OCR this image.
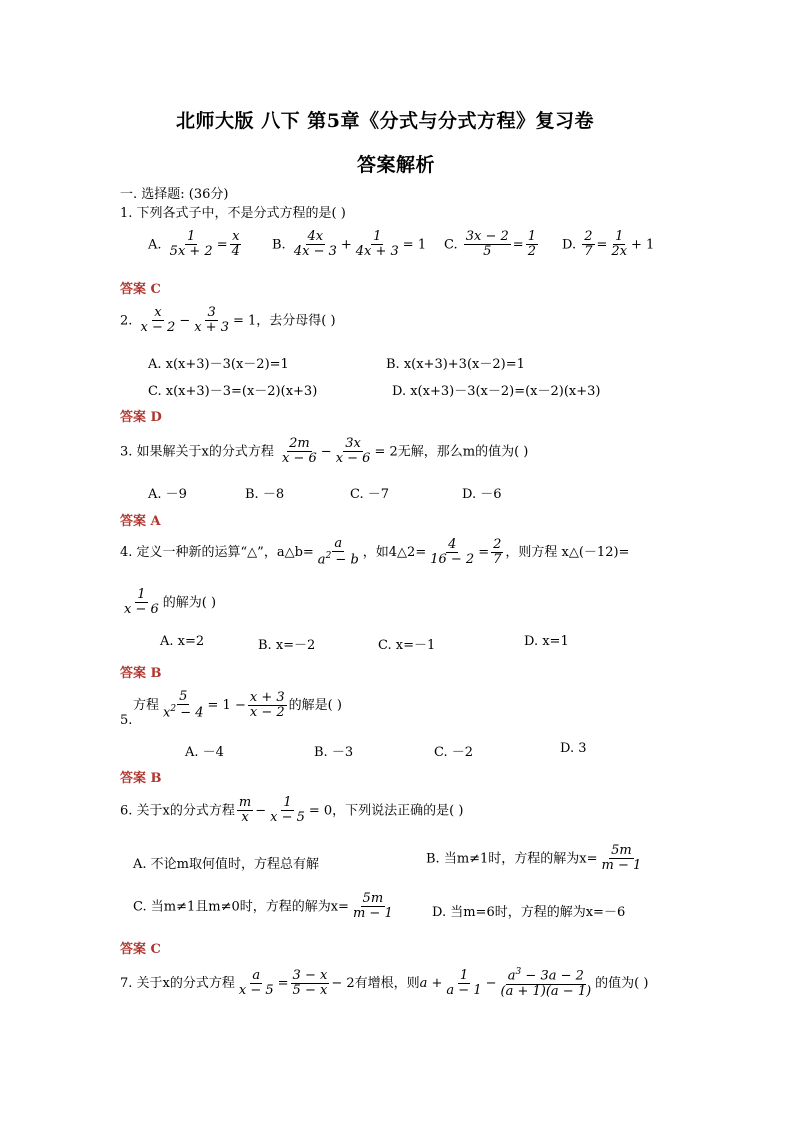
北师大版 八下 第5章《分式与分式方程》复习卷
答案解析
一. 选择题: (36分)
1. 下列各式子中，不是分式方程的是( )
A. $\frac{1}{5x + 2} = \frac{x}{4} B$. $\frac{4x}{4x - 3} + \frac{1}{4x + 3} = 1$ C. $\frac{3x - 2}{5} = \frac{1}{2} D$. $\frac{2}{7} = \frac{1}{2x} + 1$
答案 C
2. $\frac{x}{x - 2} - \frac{3}{x + 3} = 1$，去分母得( )
A. x(x+3)－3(x－2)=1	B. x(x+3)+3(x－2)=1
C. x(x+3)－3=(x－2)(x+3)	D. x(x+3)－3(x－2)=(x－2)(x+3)
答案 D
3. 如果解关于x的分式方程 $\frac{2m}{x - 6} - \frac{3x}{x - 6} = 2$无解，那么m的值为( )
A. －9	B. －8	C. －7	D. －6
答案 A
4. 定义一种新的运算“△”，a△b= $\frac{a}{a^2 - b}$ ，如4△2= $\frac{4}{16 - 2} = \frac{2}{7}$ ，则方程 x△(－12)=
$\frac{1}{x - 6}$ 的解为( )
A. x=2	B. x=－2	C. x=－1	D. x=1
答案 B
方程 $\frac{5}{x^2 - 4} = 1 - \frac{x + 3}{x - 2}$ 的解是( )
5.
A. －4	B. －3	C. －2	D. 3
答案 B
6. 关于x的分式方程 $\frac{m}{x} - \frac{1}{x - 5} = 0$，下列说法正确的是( )
A. 不论m取何值时，方程总有解	B. 当m≠1时，方程的解为$x= \frac{5m}{m - 1}$
C. 当m≠1且m≠0时，方程的解为$x= \frac{5m}{m - 1}$	D. 当m=6时，方程的解为x=－6
答案 C
7. 关于x的分式方程 $\frac{a}{x - 5} = \frac{3 - x}{5 - x} - 2$有增根，则$a + \frac{1}{a - 1} - \frac{a^3 - 3a - 2}{(a + 1)(a - 1)}$ 的值为( )
